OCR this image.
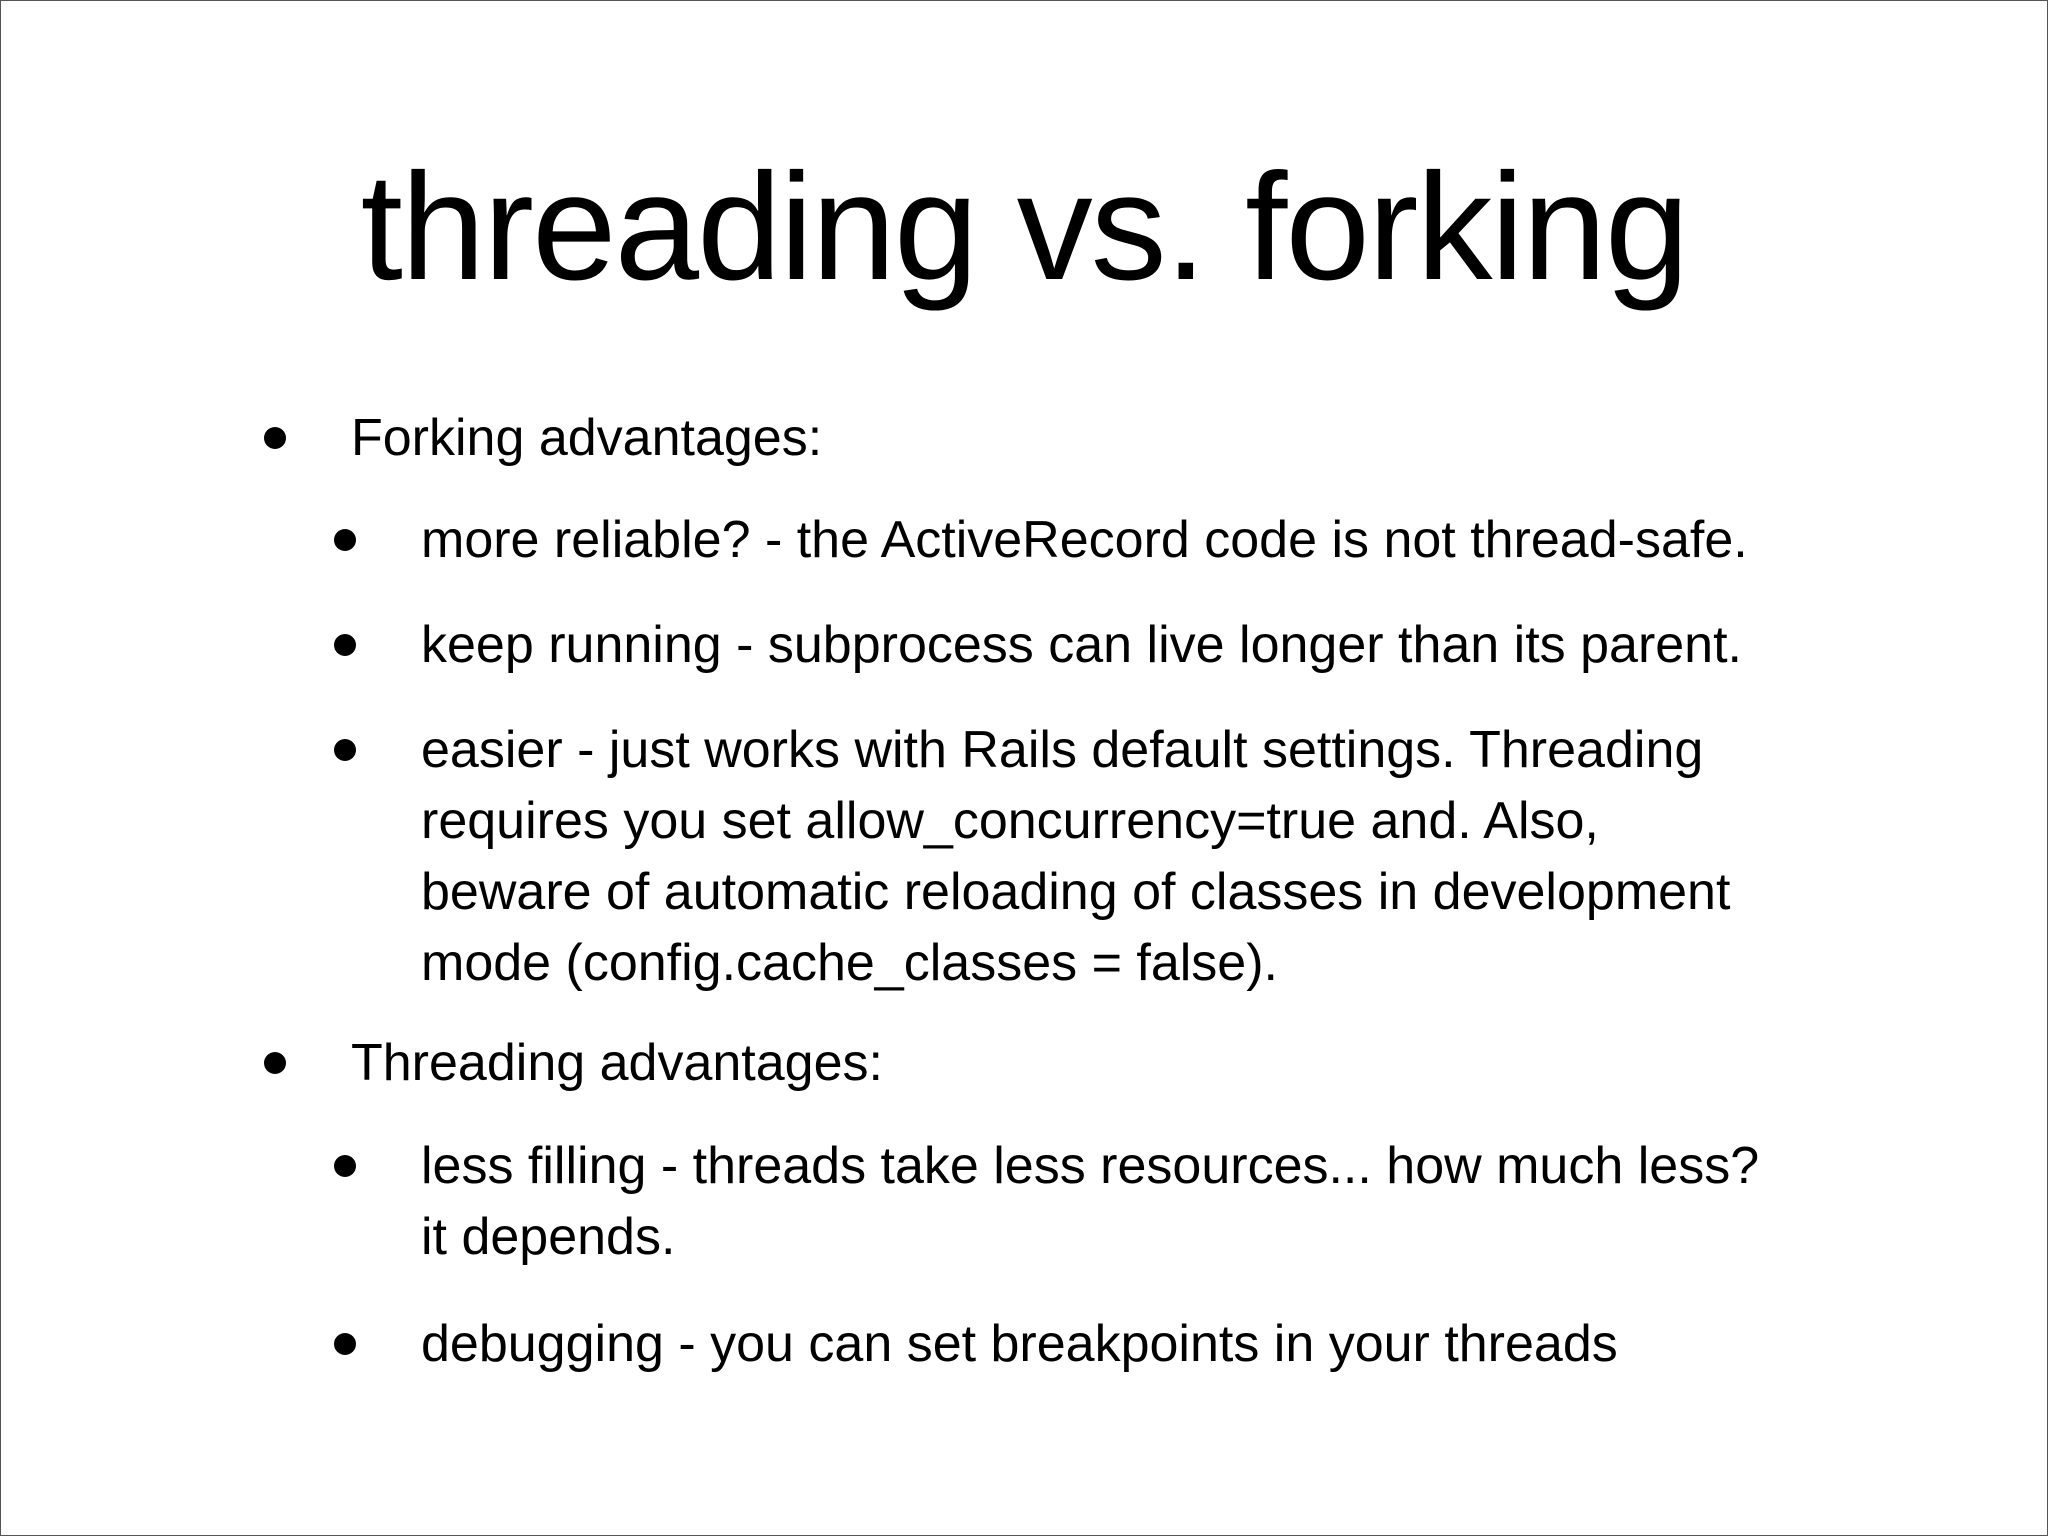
threading vs. forking
Forking advantages:
more reliable? - the ActiveRecord code is not thread-safe.
keep running - subprocess can live longer than its parent.
easier - just works with Rails default settings. Threading
requires you set allow_concurrency=true and. Also,
beware of automatic reloading of classes in development
mode (config.cache_classes = false).
Threading advantages:
less filling - threads take less resources... how much less?
it depends.
debugging - you can set breakpoints in your threads
